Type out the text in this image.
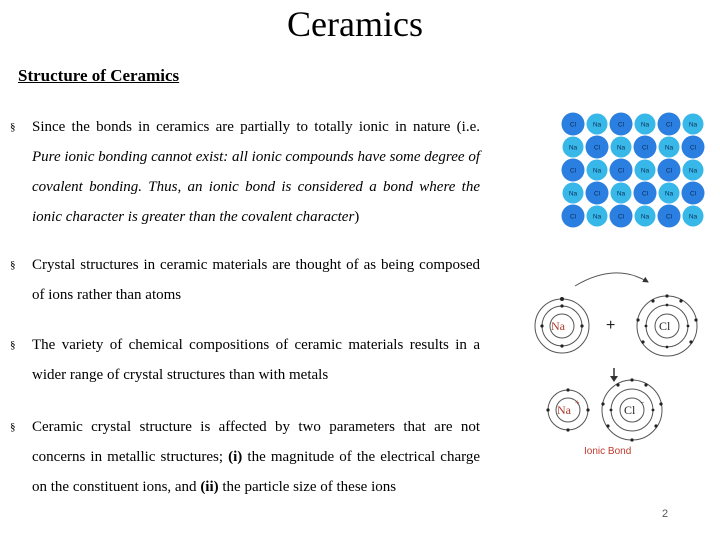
Ceramics
Structure of Ceramics
§ Since the bonds in ceramics are partially to totally ionic in nature (i.e. Pure ionic bonding cannot exist: all ionic compounds have some degree of covalent bonding. Thus, an ionic bond is considered a bond where the ionic character is greater than the covalent character)
§ Crystal structures in ceramic materials are thought of as being composed of ions rather than atoms
§ The variety of chemical compositions of ceramic materials results in a wider range of crystal structures than with metals
§ Ceramic crystal structure is affected by two parameters that are not concerns in metallic structures; (i) the magnitude of the electrical charge on the constituent ions, and (ii) the particle size of these ions
Cl	Na	Cl	Na	Cl	Na
Na	Cl	Na	Cl	Na	Cl
Cl	Na	Cl	Na	Cl	Na
Na	Cl	Na	Cl	Na	Cl
Cl	Na	Cl	Na	Cl	Na
Na	+	Cl
Na
+
Cl
−
Ionic Bond
2
